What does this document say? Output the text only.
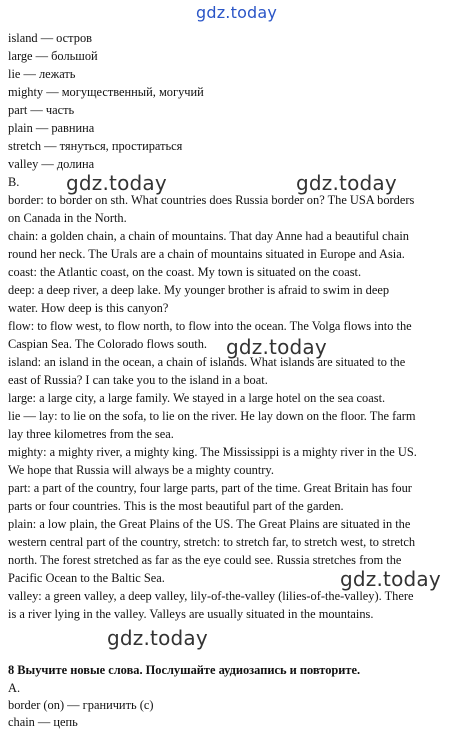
gdz.today
gdz.today	gdz.today
gdz.today
gdz.today
gdz.today
island — остров
large — большой
lie — лежать
mighty — могущественный, могучий
part — часть
plain — равнина
stretch — тянуться, простираться
valley — долина
B.
border: to border on sth. What countries does Russia border on? The USA borders
on Canada in the North.
chain: a golden chain, a chain of mountains. That day Anne had a beautiful chain
round her neck. The Urals are a chain of mountains situated in Europe and Asia.
coast: the Atlantic coast, on the coast. My town is situated on the coast.
deep: a deep river, a deep lake. My younger brother is afraid to swim in deep
water. How deep is this canyon?
flow: to flow west, to flow north, to flow into the ocean. The Volga flows into the
Caspian Sea. The Colorado flows south.
island: an island in the ocean, a chain of islands. What islands are situated to the
east of Russia? I can take you to the island in a boat.
large: a large city, a large family. We stayed in a large hotel on the sea coast.
lie — lay: to lie on the sofa, to lie on the river. He lay down on the floor. The farm
lay three kilometres from the sea.
mighty: a mighty river, a mighty king. The Mississippi is a mighty river in the US.
We hope that Russia will always be a mighty country.
part: a part of the country, four large parts, part of the time. Great Britain has four
parts or four countries. This is the most beautiful part of the garden.
plain: a low plain, the Great Plains of the US. The Great Plains are situated in the
western central part of the country, stretch: to stretch far, to stretch west, to stretch
north. The forest stretched as far as the eye could see. Russia stretches from the
Pacific Ocean to the Baltic Sea.
valley: a green valley, a deep valley, lily-of-the-valley (lilies-of-the-valley). There
is a river lying in the valley. Valleys are usually situated in the mountains.
8 Выучите новые слова. Послушайте аудиозапись и повторите.
А.
border (on) — граничить (с)
chain — цепь
